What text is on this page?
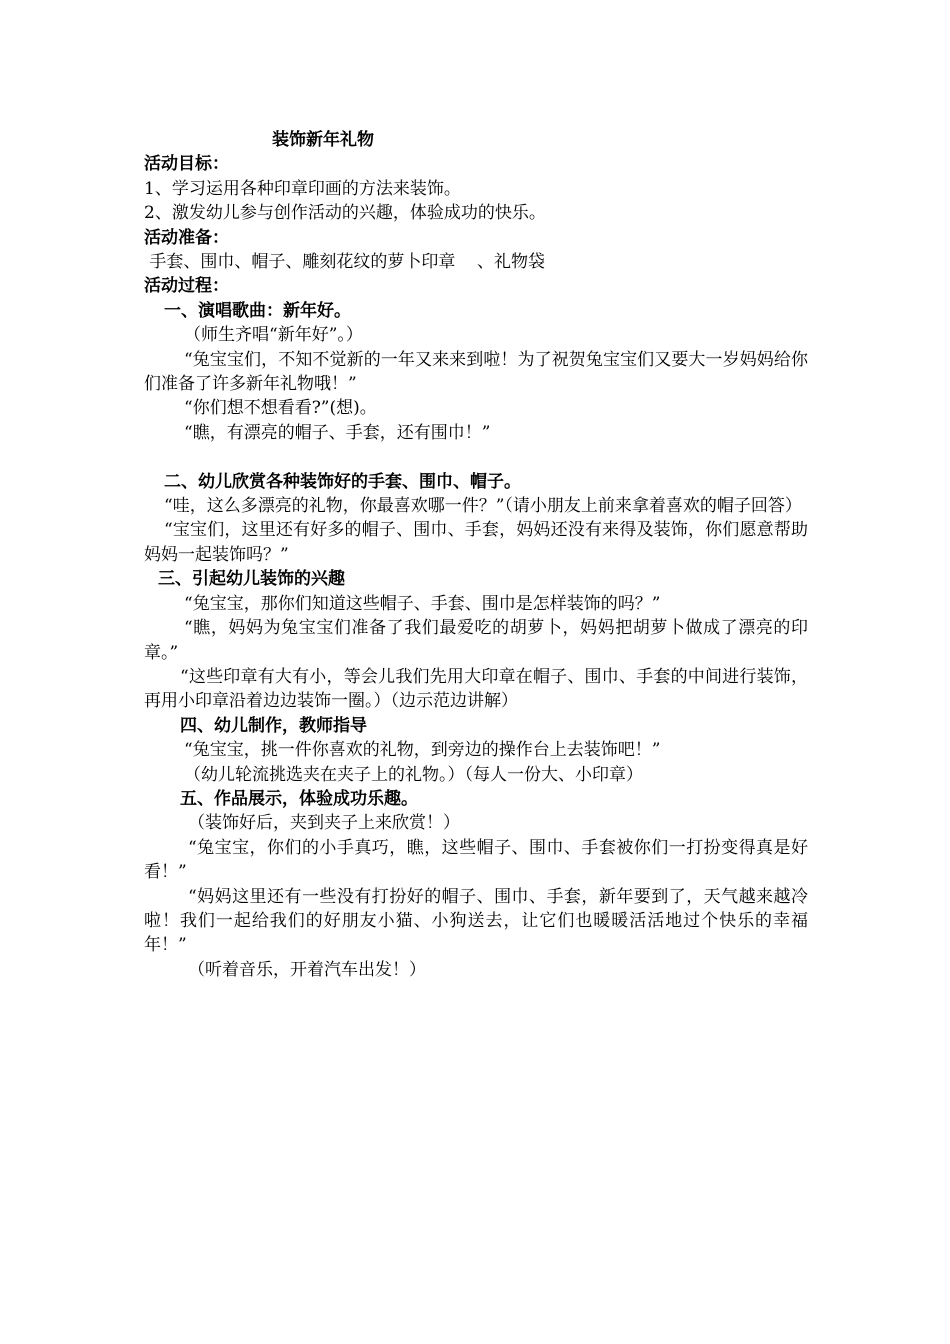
装饰新年礼物

活动目标：

1、学习运用各种印章印画的方法来装饰。

2、激发幼儿参与创作活动的兴趣，体验成功的快乐。

活动准备：

手套、围巾、帽子、雕刻花纹的萝卜印章    、礼物袋

活动过程：

一、演唱歌曲：新年好。

（师生齐唱“新年好”。）

“兔宝宝们，不知不觉新的一年又来来到啦！为了祝贺兔宝宝们又要大一岁妈妈给你们准备了许多新年礼物哦！”

“你们想不想看看?”(想)。

“瞧，有漂亮的帽子、手套，还有围巾！”

二、幼儿欣赏各种装饰好的手套、围巾、帽子。

“哇，这么多漂亮的礼物，你最喜欢哪一件？”（请小朋友上前来拿着喜欢的帽子回答）

“宝宝们，这里还有好多的帽子、围巾、手套，妈妈还没有来得及装饰，你们愿意帮助妈妈一起装饰吗？”

三、引起幼儿装饰的兴趣

“兔宝宝，那你们知道这些帽子、手套、围巾是怎样装饰的吗？”

“瞧，妈妈为兔宝宝们准备了我们最爱吃的胡萝卜，妈妈把胡萝卜做成了漂亮的印章。”

“这些印章有大有小，等会儿我们先用大印章在帽子、围巾、手套的中间进行装饰，再用小印章沿着边边装饰一圈。）（边示范边讲解）

四、幼儿制作，教师指导

“兔宝宝，挑一件你喜欢的礼物，到旁边的操作台上去装饰吧！”

（幼儿轮流挑选夹在夹子上的礼物。）（每人一份大、小印章）

五、作品展示，体验成功乐趣。

（装饰好后，夹到夹子上来欣赏！）

“兔宝宝，你们的小手真巧，瞧，这些帽子、围巾、手套被你们一打扮变得真是好看！”

“妈妈这里还有一些没有打扮好的帽子、围巾、手套，新年要到了，天气越来越冷啦！我们一起给我们的好朋友小猫、小狗送去，让它们也暖暖活活地过个快乐的幸福年！”

（听着音乐，开着汽车出发！）
